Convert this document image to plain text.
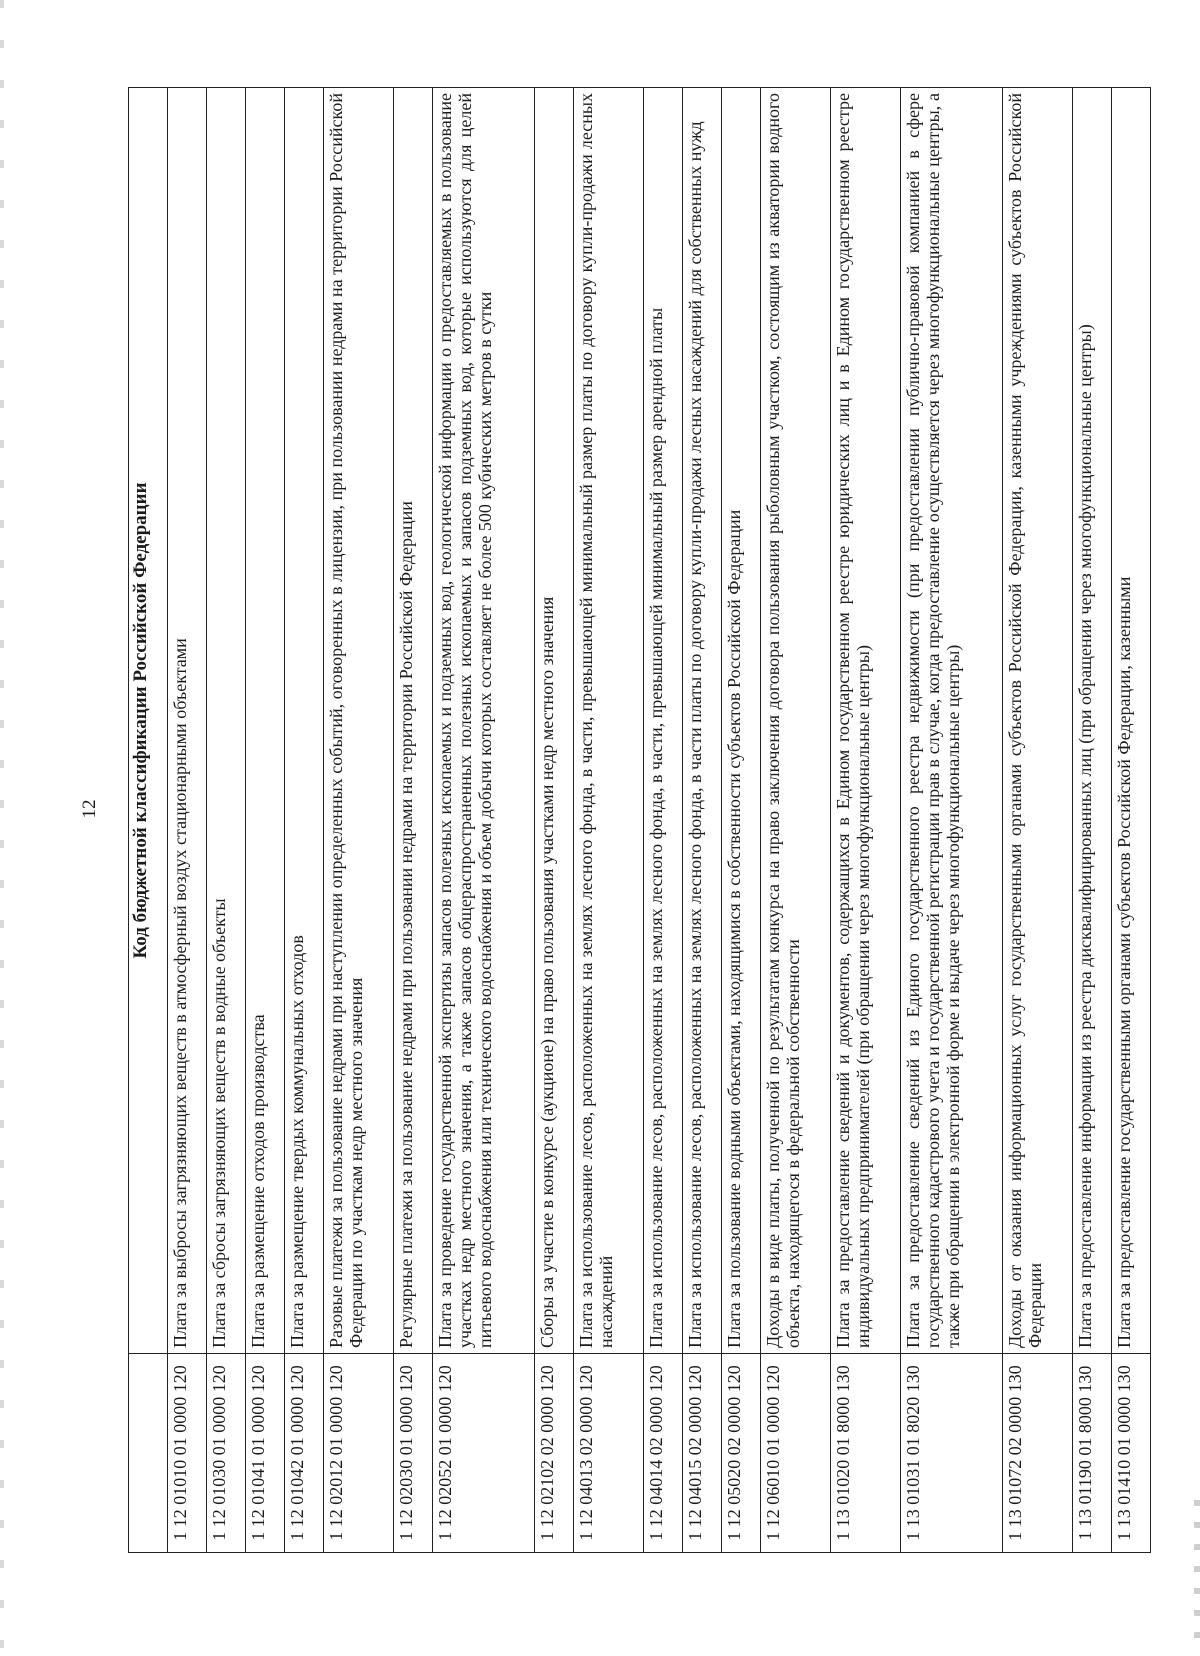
12
	Код бюджетной классификации Российской Федерации
1 12 01010 01 0000 120	Плата за выбросы загрязняющих веществ в атмосферный воздух стационарными объектами
1 12 01030 01 0000 120	Плата за сбросы загрязняющих веществ в водные объекты
1 12 01041 01 0000 120	Плата за размещение отходов производства
1 12 01042 01 0000 120	Плата за размещение твердых коммунальных отходов
1 12 02012 01 0000 120	Разовые платежи за пользование недрами при наступлении определенных событий, оговоренных в лицензии, при пользовании недрами на территории Российской Федерации по участкам недр местного значения
1 12 02030 01 0000 120	Регулярные платежи за пользование недрами при пользовании недрами на территории Российской Федерации
1 12 02052 01 0000 120	Плата за проведение государственной экспертизы запасов полезных ископаемых и подземных вод, геологической информации о предоставляемых в пользование участках недр местного значения, а также запасов общераспространенных полезных ископаемых и запасов подземных вод, которые используются для целей питьевого водоснабжения или технического водоснабжения и объем добычи которых составляет не более 500 кубических метров в сутки
1 12 02102 02 0000 120	Сборы за участие в конкурсе (аукционе) на право пользования участками недр местного значения
1 12 04013 02 0000 120	Плата за использование лесов, расположенных на землях лесного фонда, в части, превышающей минимальный размер платы по договору купли-продажи лесных насаждений
1 12 04014 02 0000 120	Плата за использование лесов, расположенных на землях лесного фонда, в части, превышающей минимальный размер арендной платы
1 12 04015 02 0000 120	Плата за использование лесов, расположенных на землях лесного фонда, в части платы по договору купли-продажи лесных насаждений для собственных нужд
1 12 05020 02 0000 120	Плата за пользование водными объектами, находящимися в собственности субъектов Российской Федерации
1 12 06010 01 0000 120	Доходы в виде платы, полученной по результатам конкурса на право заключения договора пользования рыболовным участком, состоящим из акватории водного объекта, находящегося в федеральной собственности
1 13 01020 01 8000 130	Плата за предоставление сведений и документов, содержащихся в Едином государственном реестре юридических лиц и в Едином государственном реестре индивидуальных предпринимателей (при обращении через многофункциональные центры)
1 13 01031 01 8020 130	Плата за предоставление сведений из Единого государственного реестра недвижимости (при предоставлении публично-правовой компанией в сфере государственного кадастрового учета и государственной регистрации прав в случае, когда предоставление осуществляется через многофункциональные центры, а также при обращении в электронной форме и выдаче через многофункциональные центры)
1 13 01072 02 0000 130	Доходы от оказания информационных услуг государственными органами субъектов Российской Федерации, казенными учреждениями субъектов Российской Федерации
1 13 01190 01 8000 130	Плата за предоставление информации из реестра дисквалифицированных лиц (при обращении через многофункциональные центры)
1 13 01410 01 0000 130	Плата за предоставление государственными органами субъектов Российской Федерации, казенными
